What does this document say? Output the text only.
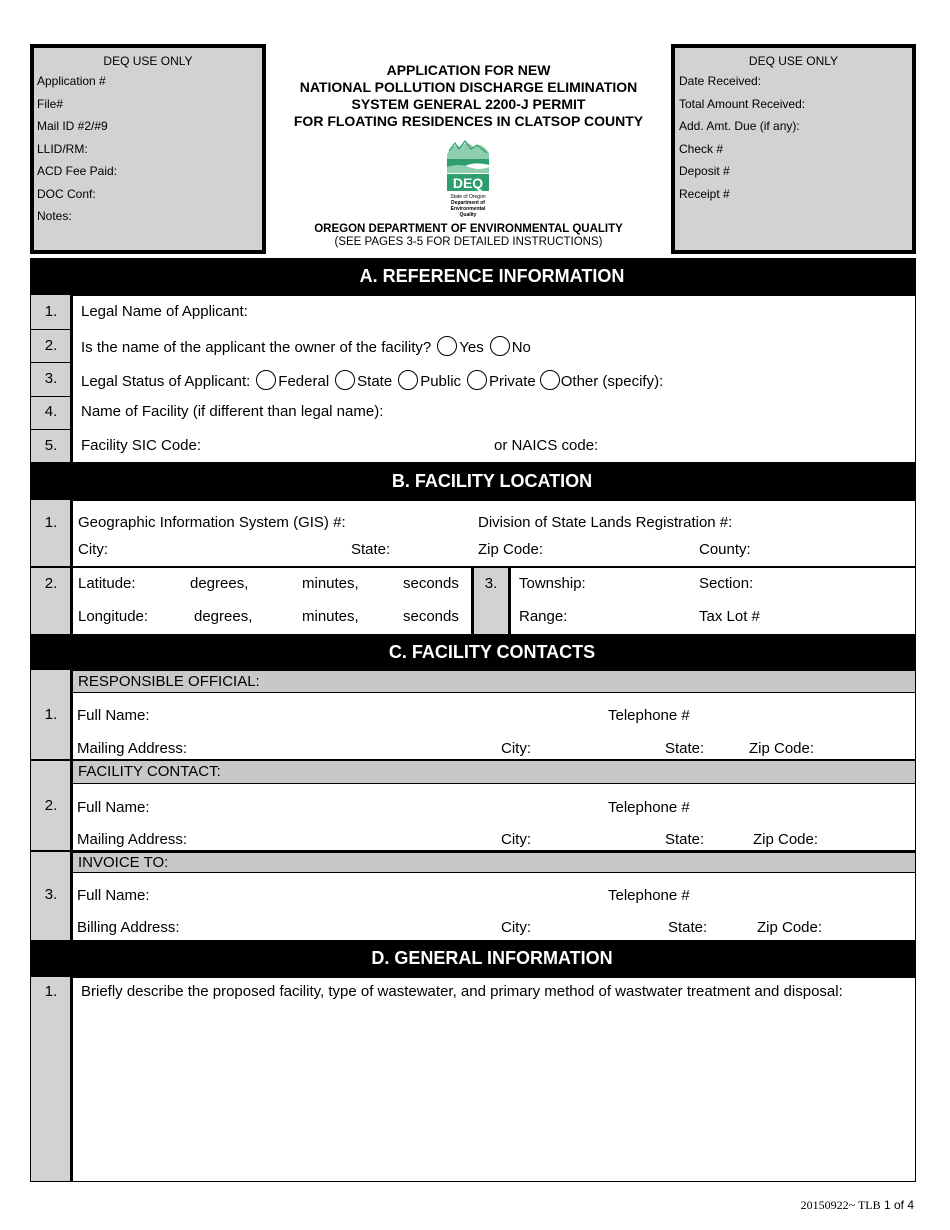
DEQ USE ONLY
Application #
File#
Mail ID #2/#9
LLID/RM:
ACD Fee Paid:
DOC Conf:
Notes:
APPLICATION FOR NEW
NATIONAL POLLUTION DISCHARGE ELIMINATION
SYSTEM GENERAL 2200-J PERMIT
FOR FLOATING RESIDENCES IN CLATSOP COUNTY
DEQ
State of Oregon
Department of
Environmental
Quality
OREGON DEPARTMENT OF ENVIRONMENTAL QUALITY
(SEE PAGES 3-5 FOR DETAILED INSTRUCTIONS)
DEQ USE ONLY
Date Received:
Total Amount Received:
Add. Amt. Due (if any):
Check #
Deposit #
Receipt #
A. REFERENCE INFORMATION
1.	Legal Name of Applicant:
2.	Is the name of the applicant the owner of the facility? Yes No
3.	Legal Status of Applicant: Federal State Public Private Other (specify):
4.	Name of Facility (if different than legal name):
5.	Facility SIC Code:	or NAICS code:
B. FACILITY LOCATION
1.	Geographic Information System (GIS) #:	Division of State Lands Registration #:
City:	State:	Zip Code:	County:
2.	Latitude:	degrees,	minutes,	seconds
Longitude:	degrees,	minutes,	seconds
3.	Township:	Section:
Range:	Tax Lot #
C. FACILITY CONTACTS
RESPONSIBLE OFFICIAL:
1.	Full Name:	Telephone #
Mailing Address:	City:	State:	Zip Code:
FACILITY CONTACT:
2.	Full Name:	Telephone #
Mailing Address:	City:	State:	Zip Code:
INVOICE TO:
3.	Full Name:	Telephone #
Billing Address:	City:	State:	Zip Code:
D. GENERAL INFORMATION
1.	Briefly describe the proposed facility, type of wastewater, and primary method of wastwater treatment and disposal:
20150922~ TLB 1 of 4
